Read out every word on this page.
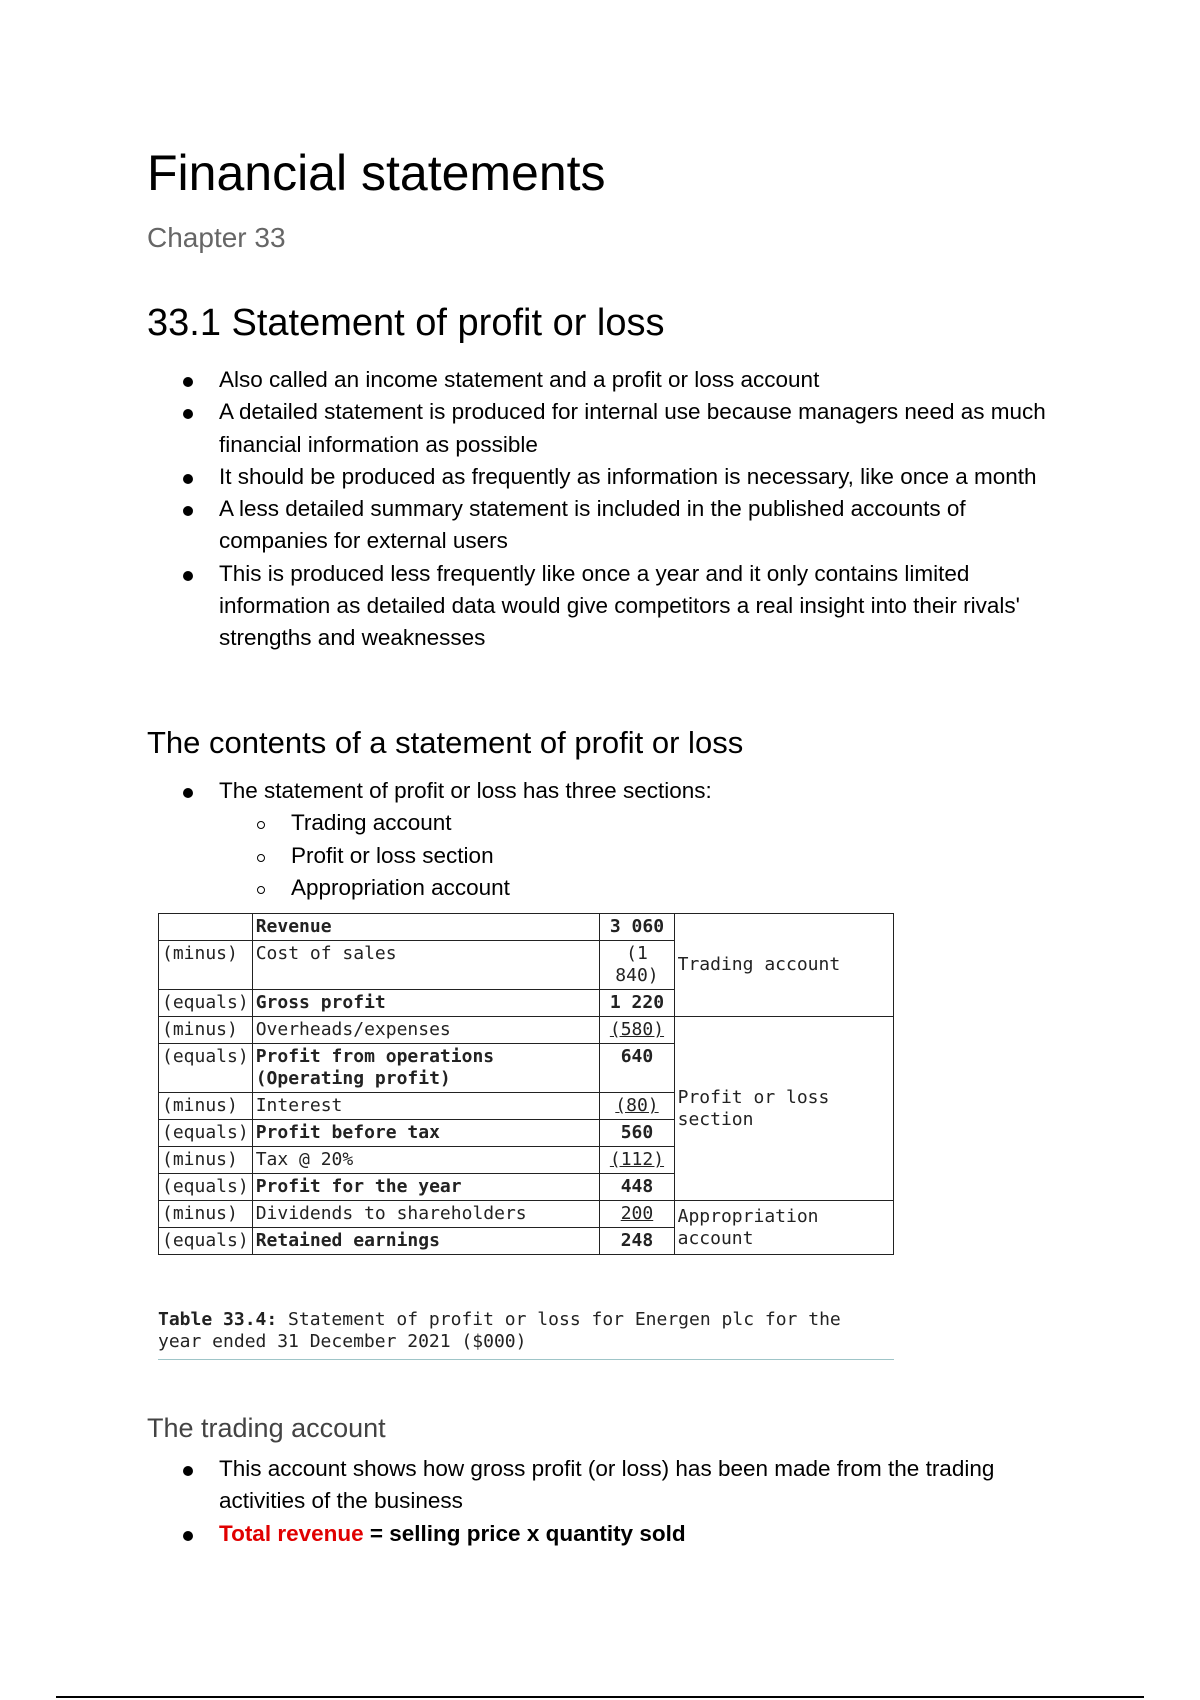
Financial statements
Chapter 33
33.1 Statement of profit or loss
Also called an income statement and a profit or loss account
A detailed statement is produced for internal use because managers need as much financial information as possible
It should be produced as frequently as information is necessary, like once a month
A less detailed summary statement is included in the published accounts of companies for external users
This is produced less frequently like once a year and it only contains limited information as detailed data would give competitors a real insight into their rivals' strengths and weaknesses
The contents of a statement of profit or loss
The statement of profit or loss has three sections:
Trading account
Profit or loss section
Appropriation account
	Revenue	3 060	Trading account
(minus)	Cost of sales	(1 840)	
(equals)	Gross profit	1 220	
(minus)	Overheads/expenses	(580)	Profit or loss section
(equals)	Profit from operations (Operating profit)	640	
(minus)	Interest	(80)	
(equals)	Profit before tax	560	
(minus)	Tax @ 20%	(112)	
(equals)	Profit for the year	448	
(minus)	Dividends to shareholders	200	Appropriation account
(equals)	Retained earnings	248	
Table 33.4: Statement of profit or loss for Energen plc for the year ended 31 December 2021 ($000)
The trading account
This account shows how gross profit (or loss) has been made from the trading activities of the business
Total revenue = selling price x quantity sold
